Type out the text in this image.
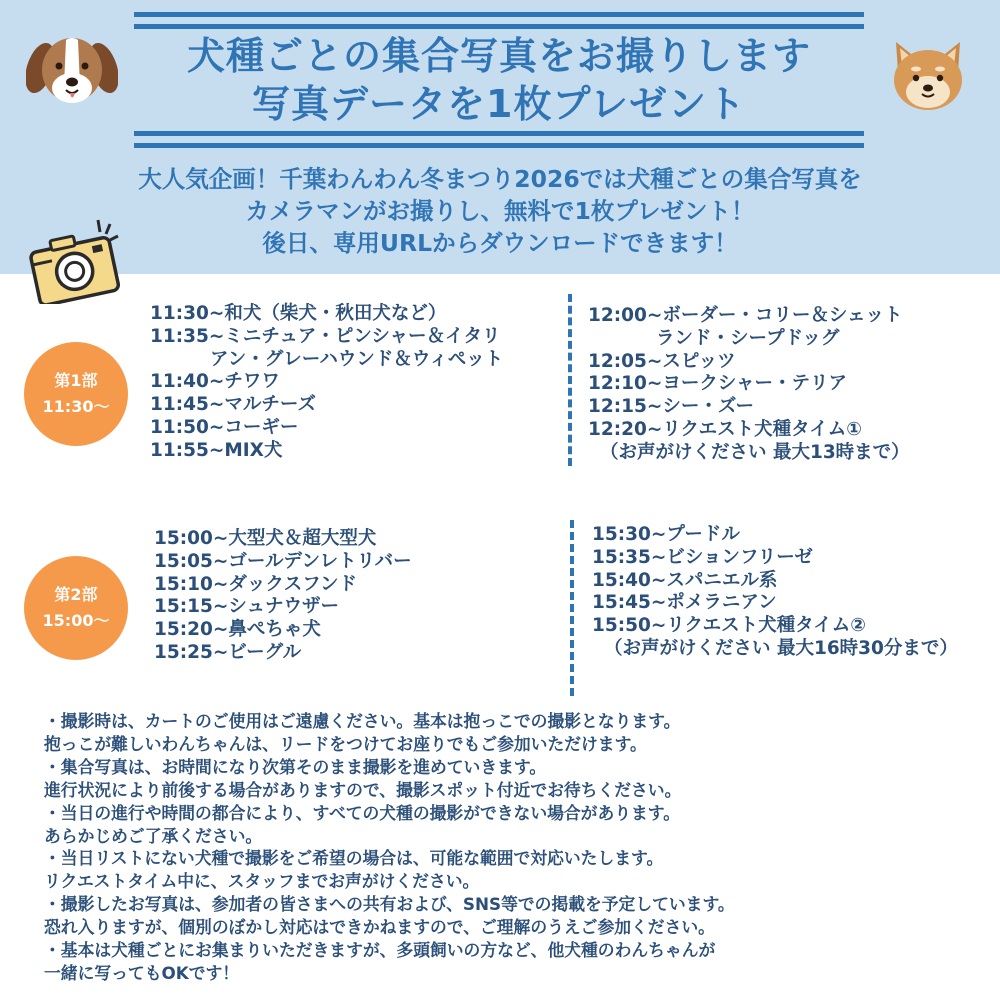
犬種ごとの集合写真をお撮りします
写真データを1枚プレゼント
大人気企画！千葉わんわん冬まつり2026では犬種ごとの集合写真を
カメラマンがお撮りし、無料で1枚プレゼント！
後日、専用URLからダウンロードできます！
第1部
11:30〜
11:30~和犬（柴犬・秋田犬など）
11:35~ミニチュア・ピンシャー＆イタリ
アン・グレーハウンド＆ウィペット
11:40~チワワ
11:45~マルチーズ
11:50~コーギー
11:55~MIX犬
12:00~ボーダー・コリー＆シェット
ランド・シープドッグ
12:05~スピッツ
12:10~ヨークシャー・テリア
12:15~シー・ズー
12:20~リクエスト犬種タイム①
（お声がけください 最大13時まで）
第2部
15:00〜
15:00~大型犬＆超大型犬
15:05~ゴールデンレトリバー
15:10~ダックスフンド
15:15~シュナウザー
15:20~鼻ぺちゃ犬
15:25~ビーグル
15:30~プードル
15:35~ビションフリーゼ
15:40~スパニエル系
15:45~ポメラニアン
15:50~リクエスト犬種タイム②
（お声がけください 最大16時30分まで）
・撮影時は、カートのご使用はご遠慮ください。基本は抱っこでの撮影となります。
抱っこが難しいわんちゃんは、リードをつけてお座りでもご参加いただけます。
・集合写真は、お時間になり次第そのまま撮影を進めていきます。
進行状況により前後する場合がありますので、撮影スポット付近でお待ちください。
・当日の進行や時間の都合により、すべての犬種の撮影ができない場合があります。
あらかじめご了承ください。
・当日リストにない犬種で撮影をご希望の場合は、可能な範囲で対応いたします。
リクエストタイム中に、スタッフまでお声がけください。
・撮影したお写真は、参加者の皆さまへの共有および、SNS等での掲載を予定しています。
恐れ入りますが、個別のぼかし対応はできかねますので、ご理解のうえご参加ください。
・基本は犬種ごとにお集まりいただきますが、多頭飼いの方など、他犬種のわんちゃんが
一緒に写ってもOKです！
